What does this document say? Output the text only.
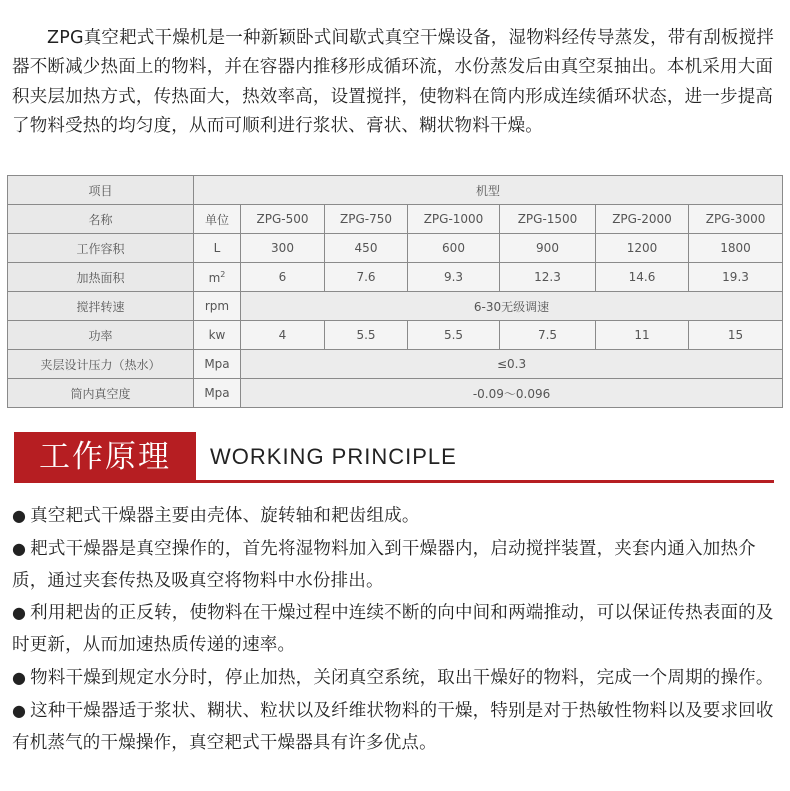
ZPG真空耙式干燥机是一种新颖卧式间歇式真空干燥设备，湿物料经传导蒸发，带有刮板搅拌器不断减少热面上的物料，并在容器内推移形成循环流，水份蒸发后由真空泵抽出。本机采用大面积夹层加热方式，传热面大，热效率高，设置搅拌，使物料在筒内形成连续循环状态，进一步提高了物料受热的均匀度，从而可顺利进行浆状、膏状、糊状物料干燥。

项目	机型						
名称	单位	ZPG-500	ZPG-750	ZPG-1000	ZPG-1500	ZPG-2000	ZPG-3000
工作容积	L	300	450	600	900	1200	1800
加热面积	$m^2$	6	7.6	9.3	12.3	14.6	19.3
搅拌转速	rpm	6-30无级调速					
功率	kw	4	5.5	5.5	7.5	11	15
夹层设计压力（热水）	Mpa	≤0.3					
筒内真空度	Mpa	-0.09～0.096					
工作原理	WORKING PRINCIPLE

● 真空耙式干燥器主要由壳体、旋转轴和耙齿组成。

● 耙式干燥器是真空操作的，首先将湿物料加入到干燥器内，启动搅拌装置，夹套内通入加热介质，通过夹套传热及吸真空将物料中水份排出。

● 利用耙齿的正反转，使物料在干燥过程中连续不断的向中间和两端推动，可以保证传热表面的及时更新，从而加速热质传递的速率。

● 物料干燥到规定水分时，停止加热，关闭真空系统，取出干燥好的物料，完成一个周期的操作。

● 这种干燥器适于浆状、糊状、粒状以及纤维状物料的干燥，特别是对于热敏性物料以及要求回收有机蒸气的干燥操作，真空耙式干燥器具有许多优点。
